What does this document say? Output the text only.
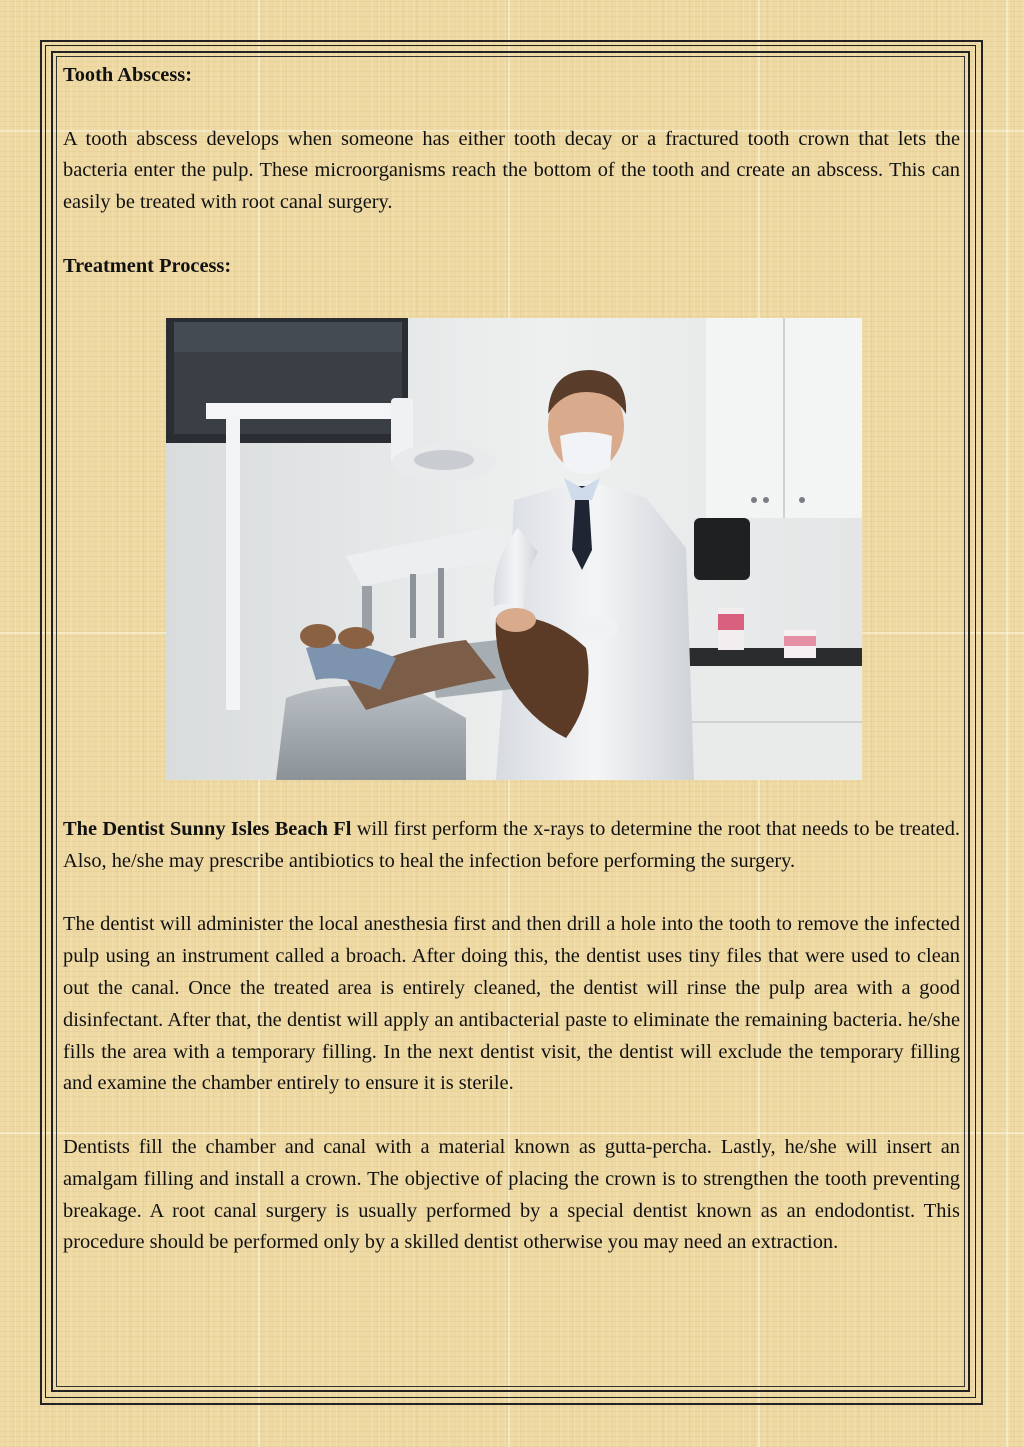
Tooth Abscess:

A tooth abscess develops when someone has either tooth decay or a fractured tooth crown that lets the bacteria enter the pulp. These microorganisms reach the bottom of the tooth and create an abscess. This can easily be treated with root canal surgery.

Treatment Process:

The Dentist Sunny Isles Beach Fl will first perform the x-rays to determine the root that needs to be treated. Also, he/she may prescribe antibiotics to heal the infection before performing the surgery.

The dentist will administer the local anesthesia first and then drill a hole into the tooth to remove the infected pulp using an instrument called a broach. After doing this, the dentist uses tiny files that were used to clean out the canal. Once the treated area is entirely cleaned, the dentist will rinse the pulp area with a good disinfectant. After that, the dentist will apply an antibacterial paste to eliminate the remaining bacteria. he/she fills the area with a temporary filling. In the next dentist visit, the dentist will exclude the temporary filling and examine the chamber entirely to ensure it is sterile.

Dentists fill the chamber and canal with a material known as gutta-percha. Lastly, he/she will insert an amalgam filling and install a crown. The objective of placing the crown is to strengthen the tooth preventing breakage. A root canal surgery is usually performed by a special dentist known as an endodontist. This procedure should be performed only by a skilled dentist otherwise you may need an extraction.
